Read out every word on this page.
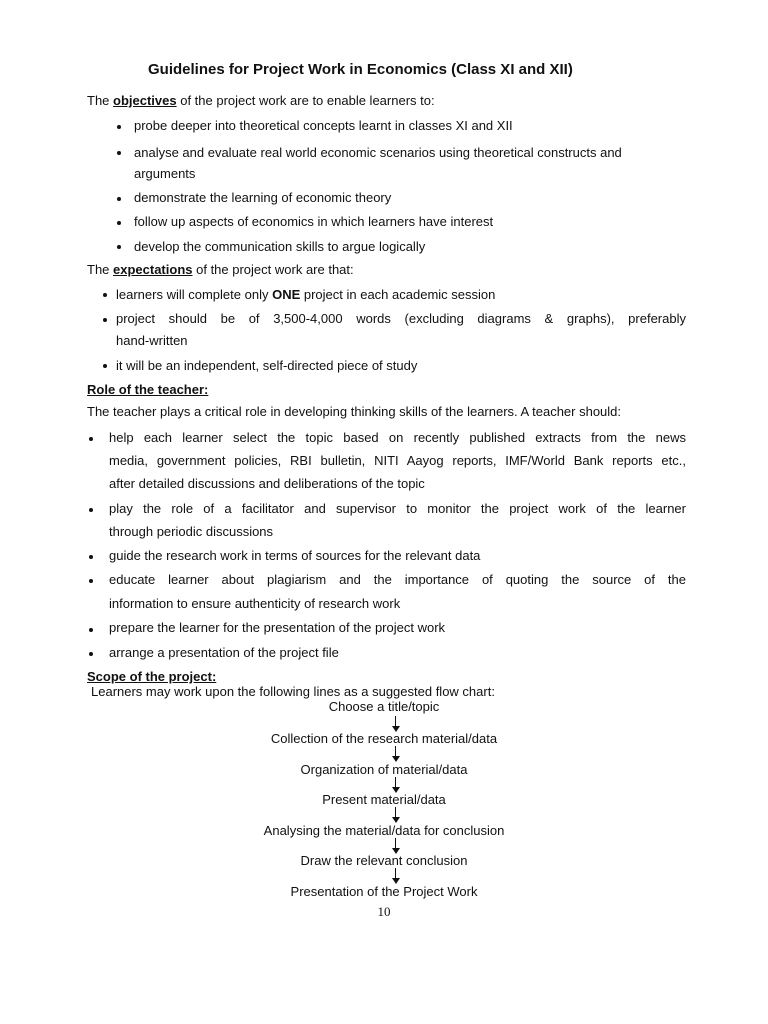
Guidelines for Project Work in Economics (Class XI and XII)
The objectives of the project work are to enable learners to:
probe deeper into theoretical concepts learnt in classes XI and XII
analyse and evaluate real world economic scenarios using theoretical constructs and
arguments
demonstrate the learning of economic theory
follow up aspects of economics in which learners have interest
develop the communication skills to argue logically
The expectations of the project work are that:
learners will complete only ONE project in each academic session
project should be of 3,500-4,000 words (excluding diagrams & graphs), preferably
hand-written
it will be an independent, self-directed piece of study
Role of the teacher:
The teacher plays a critical role in developing thinking skills of the learners. A teacher should:
help each learner select the topic based on recently published extracts from the news
media, government policies, RBI bulletin, NITI Aayog reports, IMF/World Bank reports etc.,
after detailed discussions and deliberations of the topic
play the role of a facilitator and supervisor to monitor the project work of the learner
through periodic discussions
guide the research work in terms of sources for the relevant data
educate learner about plagiarism and the importance of quoting the source of the
information to ensure authenticity of research work
prepare the learner for the presentation of the project work
arrange a presentation of the project file
Scope of the project:
Learners may work upon the following lines as a suggested flow chart:
Choose a title/topic
Collection of the research material/data
Organization of material/data
Present material/data
Analysing the material/data for conclusion
Draw the relevant conclusion
Presentation of the Project Work
10
